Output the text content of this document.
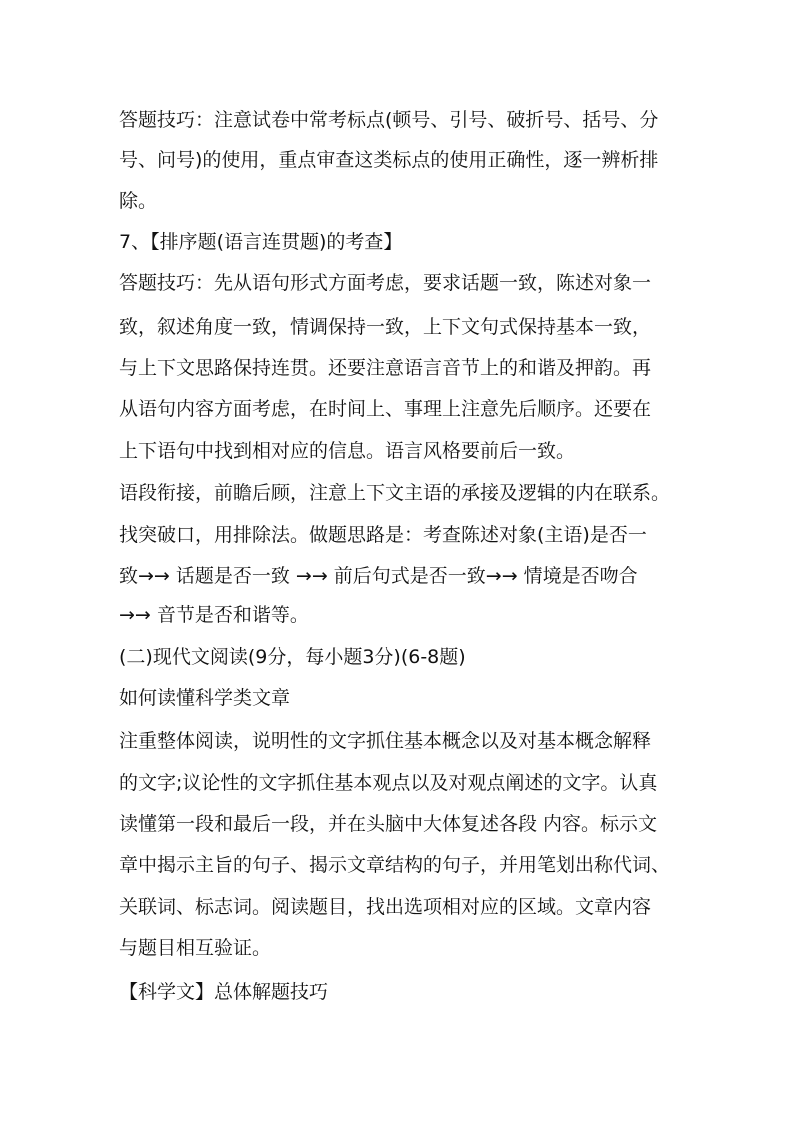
答题技巧：注意试卷中常考标点(顿号、引号、破折号、括号、分

号、问号)的使用，重点审查这类标点的使用正确性，逐一辨析排

除。

7、【排序题(语言连贯题)的考查】

答题技巧：先从语句形式方面考虑，要求话题一致，陈述对象一

致，叙述角度一致，情调保持一致，上下文句式保持基本一致，

与上下文思路保持连贯。还要注意语言音节上的和谐及押韵。再

从语句内容方面考虑，在时间上、事理上注意先后顺序。还要在

上下语句中找到相对应的信息。语言风格要前后一致。

语段衔接，前瞻后顾，注意上下文主语的承接及逻辑的内在联系。

找突破口，用排除法。做题思路是：考查陈述对象(主语)是否一

致→→ 话题是否一致 →→ 前后句式是否一致→→ 情境是否吻合

→→ 音节是否和谐等。

(二)现代文阅读(9分，每小题3分)(6-8题)

如何读懂科学类文章

注重整体阅读，说明性的文字抓住基本概念以及对基本概念解释

的文字;议论性的文字抓住基本观点以及对观点阐述的文字。认真

读懂第一段和最后一段，并在头脑中大体复述各段 内容。标示文

章中揭示主旨的句子、揭示文章结构的句子，并用笔划出称代词、

关联词、标志词。阅读题目，找出选项相对应的区域。文章内容

与题目相互验证。

【科学文】总体解题技巧
